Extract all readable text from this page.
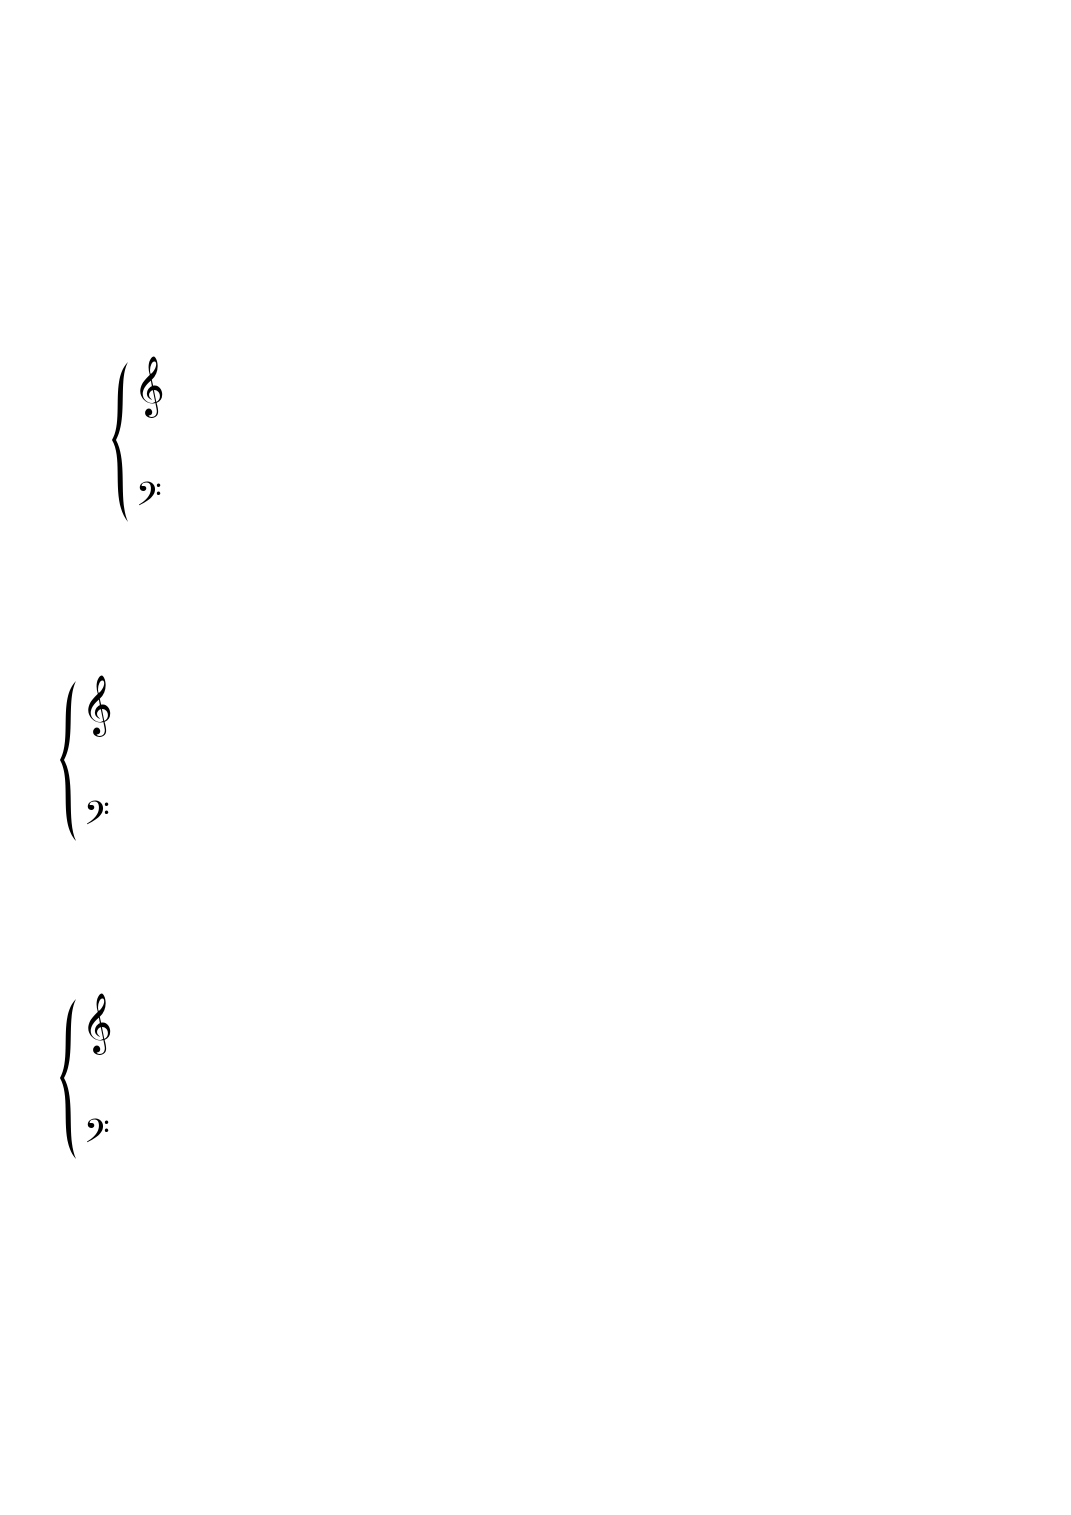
𝄞
𝄢
𝄞
𝄢
𝄞
𝄢
